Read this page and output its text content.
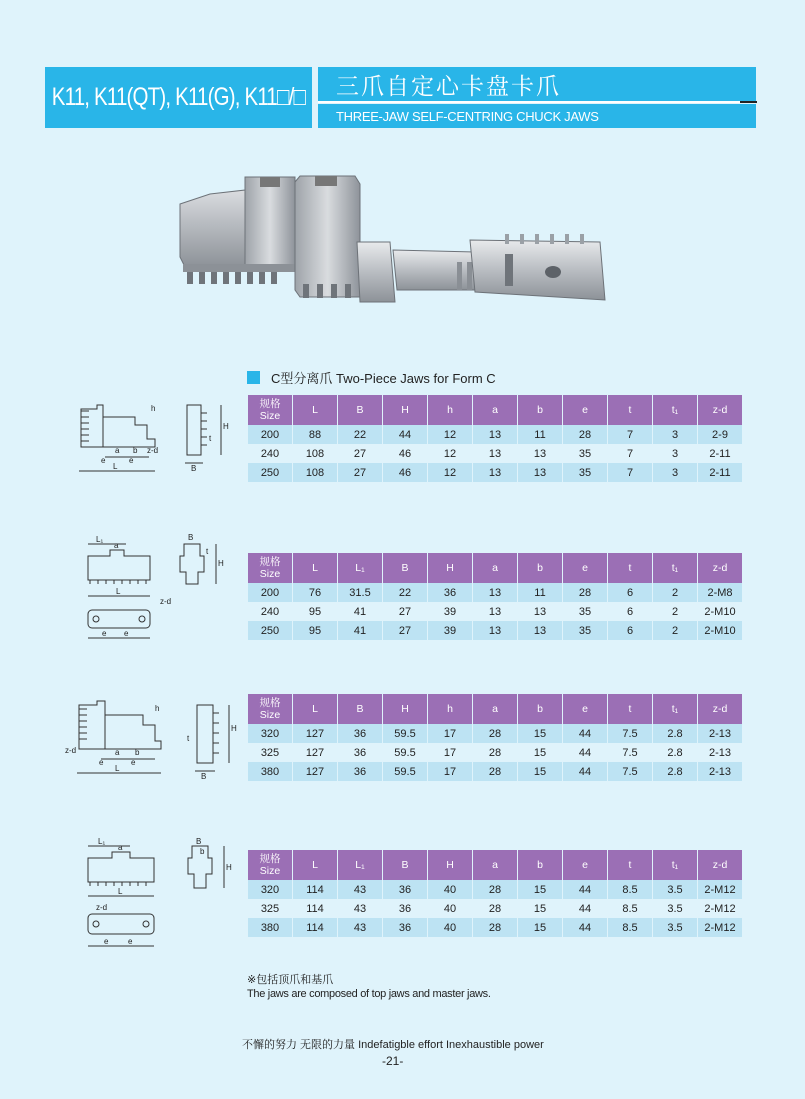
K11, K11(QT), K11(G), K11□/□	三爪自定心卡盘卡爪
THREE-JAW SELF-CENTRING CHUCK JAWS
C型分离爪 Two-Piece Jaws for Form C
L
e	e
a b z-d
h
B
H
t
规格
Size	L	B	H	h	a	b	e	t	t₁	z-d
200	88	22	44	12	13	11	28	7	3	2-9
240	108	27	46	12	13	13	35	7	3	2-11
250	108	27	46	12	13	13	35	7	3	2-11
L
L₁
a
z-d
e e
B
H
t
规格
Size	L	L₁	B	H	a	b	e	t	t₁	z-d
200	76	31.5	22	36	13	11	28	6	2	2-M8
240	95	41	27	39	13	13	35	6	2	2-M10
250	95	41	27	39	13	13	35	6	2	2-M10
L
z-d
e	e
a b
h
B
H
t
规格
Size	L	B	H	h	a	b	e	t	t₁	z-d
320	127	36	59.5	17	28	15	44	7.5	2.8	2-13
325	127	36	59.5	17	28	15	44	7.5	2.8	2-13
380	127	36	59.5	17	28	15	44	7.5	2.8	2-13
L
L₁
a
z-d
e e
B
b
H
规格
Size	L	L₁	B	H	a	b	e	t	t₁	z-d
320	114	43	36	40	28	15	44	8.5	3.5	2-M12
325	114	43	36	40	28	15	44	8.5	3.5	2-M12
380	114	43	36	40	28	15	44	8.5	3.5	2-M12
※包括顶爪和基爪
The jaws are composed of top jaws and master jaws.
不懈的努力 无限的力量 Indefatigble effort Inexhaustible power
-21-
